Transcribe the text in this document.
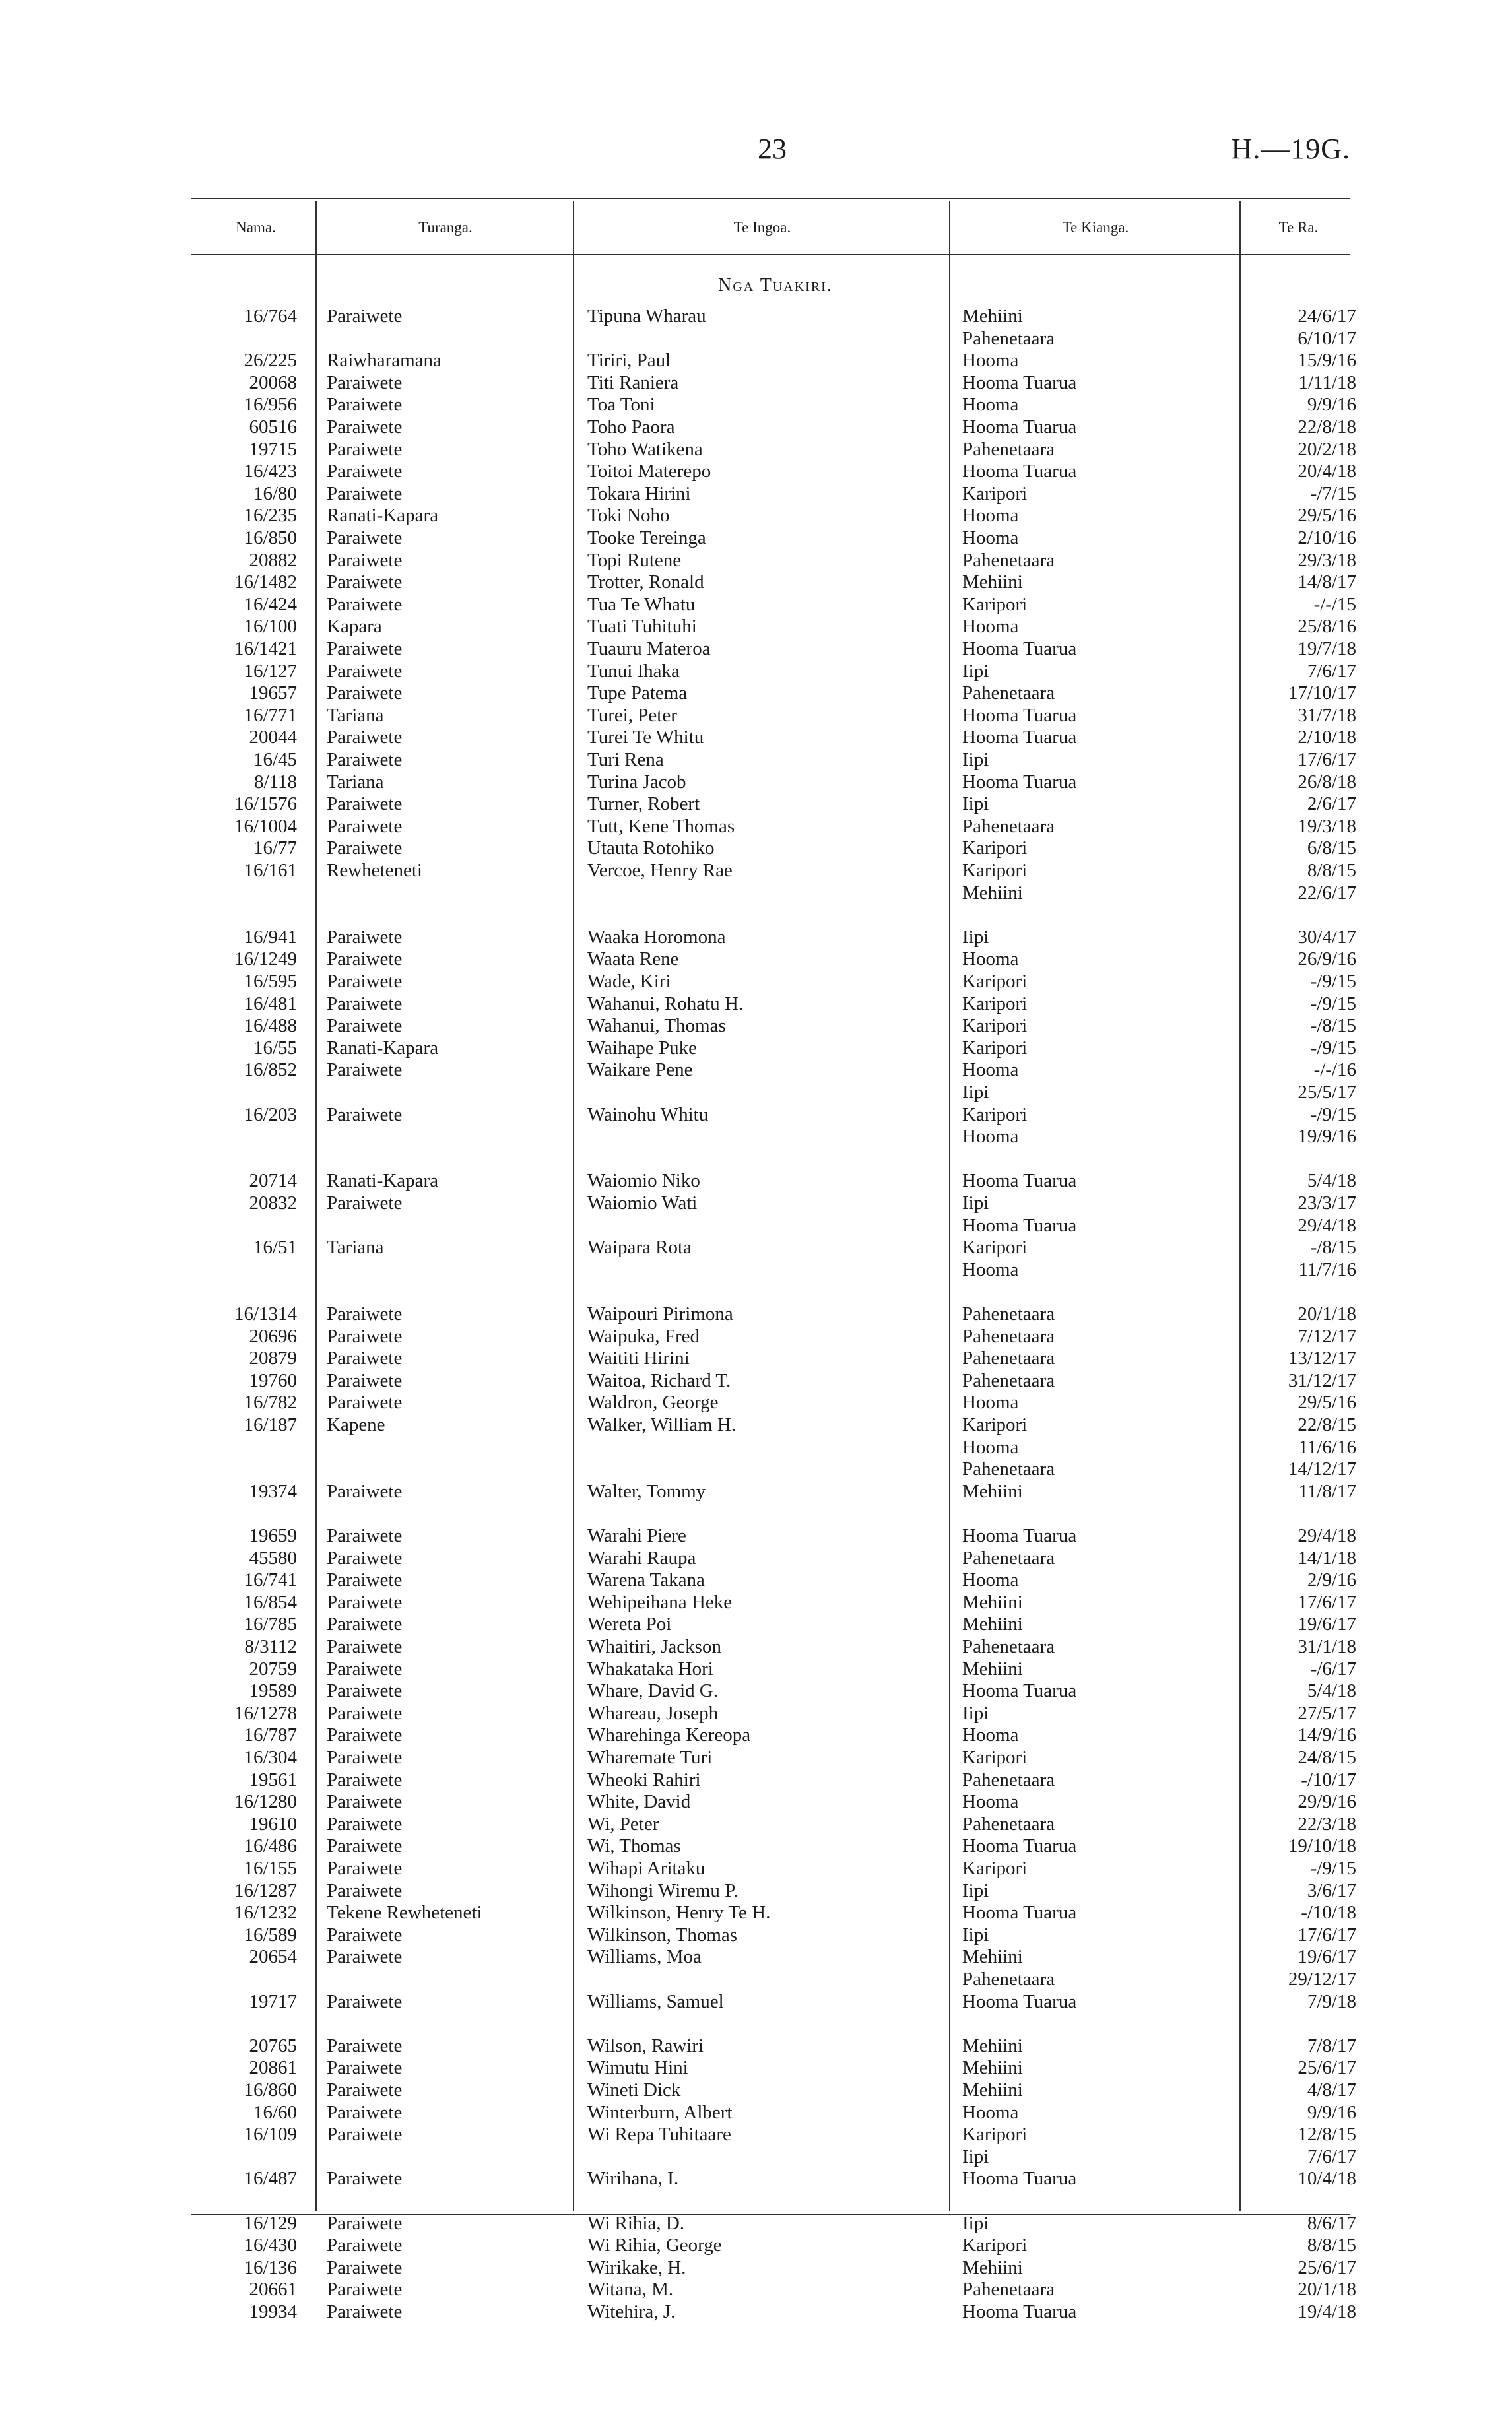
23	H.—19G.
Nama.	Turanga.	Te Ingoa.	Te Kianga.	Te Ra.
Nga Tuakiri.
16/764 Paraiwete	Tipuna Wharau	Mehiini	24/6/17
Pahenetaara	6/10/17
26/225 Raiwharamana	Tiriri, Paul	Hooma	15/9/16
20068 Paraiwete	Titi Raniera	Hooma Tuarua	1/11/18
16/956 Paraiwete	Toa Toni	Hooma	9/9/16
60516 Paraiwete	Toho Paora	Hooma Tuarua	22/8/18
19715 Paraiwete	Toho Watikena	Pahenetaara	20/2/18
16/423 Paraiwete	Toitoi Materepo	Hooma Tuarua	20/4/18
16/80 Paraiwete	Tokara Hirini	Karipori	-/7/15
16/235 Ranati-Kapara	Toki Noho	Hooma	29/5/16
16/850 Paraiwete	Tooke Tereinga	Hooma	2/10/16
20882 Paraiwete	Topi Rutene	Pahenetaara	29/3/18
16/1482 Paraiwete	Trotter, Ronald	Mehiini	14/8/17
16/424 Paraiwete	Tua Te Whatu	Karipori	-/-/15
16/100 Kapara	Tuati Tuhituhi	Hooma	25/8/16
16/1421 Paraiwete	Tuauru Materoa	Hooma Tuarua	19/7/18
16/127 Paraiwete	Tunui Ihaka	Iipi	7/6/17
19657 Paraiwete	Tupe Patema	Pahenetaara	17/10/17
16/771 Tariana	Turei, Peter	Hooma Tuarua	31/7/18
20044 Paraiwete	Turei Te Whitu	Hooma Tuarua	2/10/18
16/45 Paraiwete	Turi Rena	Iipi	17/6/17
8/118 Tariana	Turina Jacob	Hooma Tuarua	26/8/18
16/1576 Paraiwete	Turner, Robert	Iipi	2/6/17
16/1004 Paraiwete	Tutt, Kene Thomas	Pahenetaara	19/3/18
16/77 Paraiwete	Utauta Rotohiko	Karipori	6/8/15
16/161 Rewheteneti	Vercoe, Henry Rae	Karipori	8/8/15
Mehiini	22/6/17
16/941 Paraiwete	Waaka Horomona	Iipi	30/4/17
16/1249 Paraiwete	Waata Rene	Hooma	26/9/16
16/595 Paraiwete	Wade, Kiri	Karipori	-/9/15
16/481 Paraiwete	Wahanui, Rohatu H.	Karipori	-/9/15
16/488 Paraiwete	Wahanui, Thomas	Karipori	-/8/15
16/55 Ranati-Kapara	Waihape Puke	Karipori	-/9/15
16/852 Paraiwete	Waikare Pene	Hooma	-/-/16
Iipi	25/5/17
16/203 Paraiwete	Wainohu Whitu	Karipori	-/9/15
Hooma	19/9/16
20714 Ranati-Kapara	Waiomio Niko	Hooma Tuarua	5/4/18
20832 Paraiwete	Waiomio Wati	Iipi	23/3/17
Hooma Tuarua	29/4/18
16/51 Tariana	Waipara Rota	Karipori	-/8/15
Hooma	11/7/16
16/1314 Paraiwete	Waipouri Pirimona	Pahenetaara	20/1/18
20696 Paraiwete	Waipuka, Fred	Pahenetaara	7/12/17
20879 Paraiwete	Waititi Hirini	Pahenetaara	13/12/17
19760 Paraiwete	Waitoa, Richard T.	Pahenetaara	31/12/17
16/782 Paraiwete	Waldron, George	Hooma	29/5/16
16/187 Kapene	Walker, William H.	Karipori	22/8/15
Hooma	11/6/16
Pahenetaara	14/12/17
19374 Paraiwete	Walter, Tommy	Mehiini	11/8/17
19659 Paraiwete	Warahi Piere	Hooma Tuarua	29/4/18
45580 Paraiwete	Warahi Raupa	Pahenetaara	14/1/18
16/741 Paraiwete	Warena Takana	Hooma	2/9/16
16/854 Paraiwete	Wehipeihana Heke	Mehiini	17/6/17
16/785 Paraiwete	Wereta Poi	Mehiini	19/6/17
8/3112 Paraiwete	Whaitiri, Jackson	Pahenetaara	31/1/18
20759 Paraiwete	Whakataka Hori	Mehiini	-/6/17
19589 Paraiwete	Whare, David G.	Hooma Tuarua	5/4/18
16/1278 Paraiwete	Whareau, Joseph	Iipi	27/5/17
16/787 Paraiwete	Wharehinga Kereopa	Hooma	14/9/16
16/304 Paraiwete	Wharemate Turi	Karipori	24/8/15
19561 Paraiwete	Wheoki Rahiri	Pahenetaara	-/10/17
16/1280 Paraiwete	White, David	Hooma	29/9/16
19610 Paraiwete	Wi, Peter	Pahenetaara	22/3/18
16/486 Paraiwete	Wi, Thomas	Hooma Tuarua	19/10/18
16/155 Paraiwete	Wihapi Aritaku	Karipori	-/9/15
16/1287 Paraiwete	Wihongi Wiremu P.	Iipi	3/6/17
16/1232 Tekene Rewheteneti	Wilkinson, Henry Te H.	Hooma Tuarua	-/10/18
16/589 Paraiwete	Wilkinson, Thomas	Iipi	17/6/17
20654 Paraiwete	Williams, Moa	Mehiini	19/6/17
Pahenetaara	29/12/17
19717 Paraiwete	Williams, Samuel	Hooma Tuarua	7/9/18
20765 Paraiwete	Wilson, Rawiri	Mehiini	7/8/17
20861 Paraiwete	Wimutu Hini	Mehiini	25/6/17
16/860 Paraiwete	Wineti Dick	Mehiini	4/8/17
16/60 Paraiwete	Winterburn, Albert	Hooma	9/9/16
16/109 Paraiwete	Wi Repa Tuhitaare	Karipori	12/8/15
Iipi	7/6/17
16/487 Paraiwete	Wirihana, I.	Hooma Tuarua	10/4/18
16/129 Paraiwete	Wi Rihia, D.	Iipi	8/6/17
16/430 Paraiwete	Wi Rihia, George	Karipori	8/8/15
16/136 Paraiwete	Wirikake, H.	Mehiini	25/6/17
20661 Paraiwete	Witana, M.	Pahenetaara	20/1/18
19934 Paraiwete	Witehira, J.	Hooma Tuarua	19/4/18
